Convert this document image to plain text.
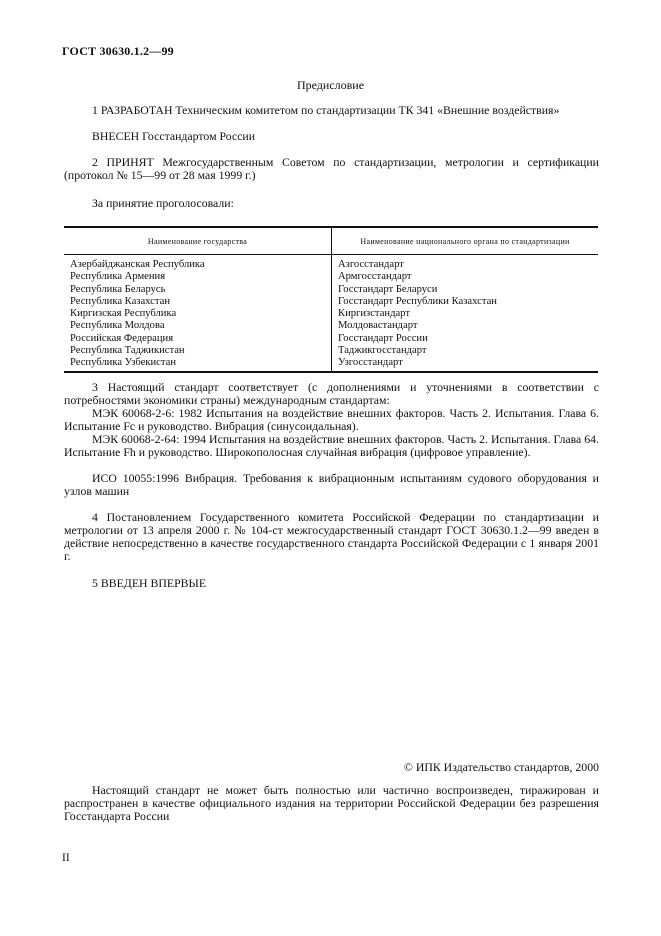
ГОСТ 30630.1.2—99
Предисловие
1 РАЗРАБОТАН Техническим комитетом по стандартизации ТК 341 «Внешние воздействия»
ВНЕСЕН Госстандартом России
2 ПРИНЯТ Межгосударственным Советом по стандартизации, метрологии и сертификации (протокол № 15—99 от 28 мая 1999 г.)
За принятие проголосовали:
Наименование государства	Наименование национального органа по стандартизации
Азербайджанская Республика	Азгосстандарт
Республика Армения	Армгосстандарт
Республика Беларусь	Госстандарт Беларуси
Республика Казахстан	Госстандарт Республики Казахстан
Киргизская Республика	Киргизстандарт
Республика Молдова	Молдовастандарт
Российская Федерация	Госстандарт России
Республика Таджикистан	Таджикгосстандарт
Республика Узбекистан	Узгосстандарт
3 Настоящий стандарт соответствует (с дополнениями и уточнениями в соответствии с потребностями экономики страны) международным стандартам:
МЭК 60068-2-6: 1982 Испытания на воздействие внешних факторов. Часть 2. Испытания. Глава 6. Испытание Fc и руководство. Вибрация (синусоидальная).
МЭК 60068-2-64: 1994 Испытания на воздействие внешних факторов. Часть 2. Испытания. Глава 64. Испытание Fh и руководство. Широкополосная случайная вибрация (цифровое управление).
ИСО 10055:1996 Вибрация. Требования к вибрационным испытаниям судового оборудования и узлов машин
4 Постановлением Государственного комитета Российской Федерации по стандартизации и метрологии от 13 апреля 2000 г. № 104-ст межгосударственный стандарт ГОСТ 30630.1.2—99 введен в действие непосредственно в качестве государственного стандарта Российской Федерации с 1 января 2001 г.
5 ВВЕДЕН ВПЕРВЫЕ
© ИПК Издательство стандартов, 2000
Настоящий стандарт не может быть полностью или частично воспроизведен, тиражирован и распространен в качестве официального издания на территории Российской Федерации без разрешения Госстандарта России
II
